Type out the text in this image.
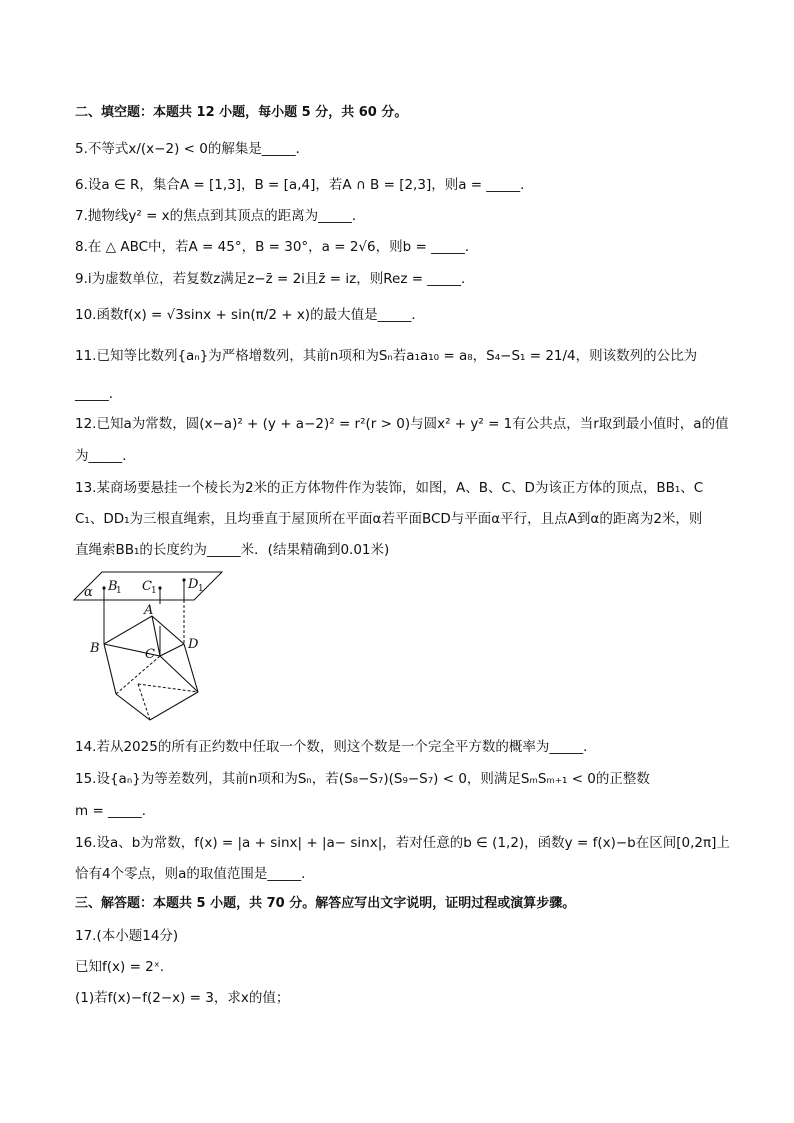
二、填空题：本题共 12 小题，每小题 5 分，共 60 分。
5.不等式x/(x−2) < 0的解集是_____．
6.设a ∈ R，集合A = [1,3]，B = [a,4]，若A ∩ B = [2,3]，则a = _____．
7.抛物线y² = x的焦点到其顶点的距离为_____．
8.在 △ ABC中，若A = 45°，B = 30°，a = 2√6，则b = _____．
9.i为虚数单位，若复数z满足z−z̄ = 2i且z̄ = iz，则Rez = _____．
10.函数f(x) = √3sinx + sin(π/2 + x)的最大值是_____．
11.已知等比数列{aₙ}为严格增数列，其前n项和为Sₙ若a₁a₁₀ = a₈，S₄−S₁ = 21/4，则该数列的公比为
_____．
12.已知a为常数，圆(x−a)² + (y + a−2)² = r²(r > 0)与圆x² + y² = 1有公共点，当r取到最小值时，a的值
为_____．
13.某商场要悬挂一个棱长为2米的正方体物件作为装饰，如图，A、B、C、D为该正方体的顶点，BB₁、C
C₁、DD₁为三根直绳索，且均垂直于屋顶所在平面α若平面BCD与平面α平行，且点A到α的距离为2米，则
直绳索BB₁的长度约为_____米．(结果精确到0.01米)
α B
1 C 1 D 1
A
B	C
D
14.若从2025的所有正约数中任取一个数，则这个数是一个完全平方数的概率为_____．
15.设{aₙ}为等差数列，其前n项和为Sₙ，若(S₈−S₇)(S₉−S₇) < 0，则满足SₘSₘ₊₁ < 0的正整数
m = _____．
16.设a、b为常数，f(x) = |a + sinx| + |a− sinx|，若对任意的b ∈ (1,2)，函数y = f(x)−b在区间[0,2π]上
恰有4个零点，则a的取值范围是_____．
三、解答题：本题共 5 小题，共 70 分。解答应写出文字说明，证明过程或演算步骤。
17.(本小题14分)
已知f(x) = 2ˣ.
(1)若f(x)−f(2−x) = 3，求x的值；
